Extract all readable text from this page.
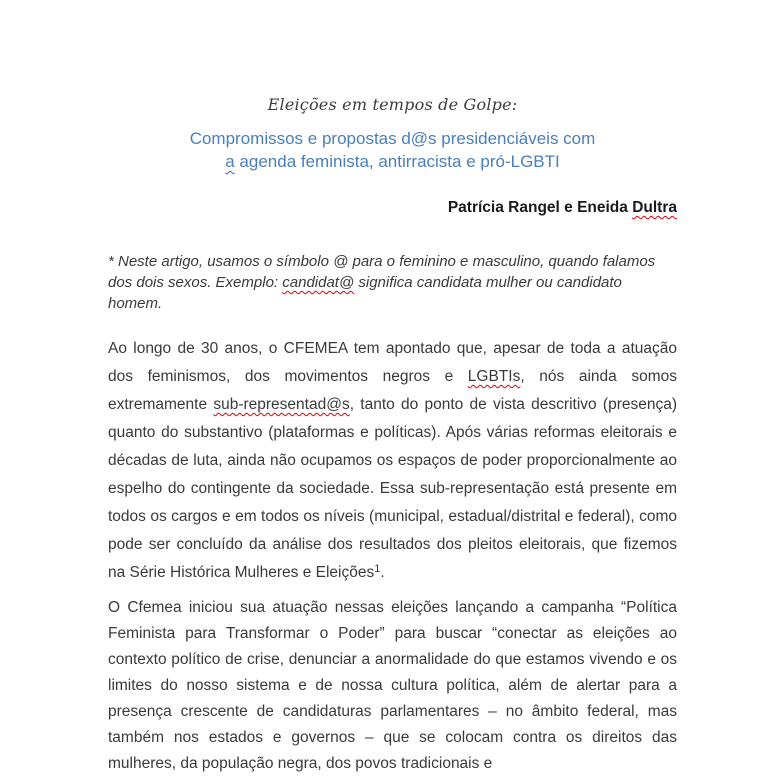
Eleições em tempos de Golpe:
Compromissos e propostas d@s presidenciáveis com
a agenda feminista, antirracista e pró-LGBTI
Patrícia Rangel e Eneida Dultra

* Neste artigo, usamos o símbolo @ para o feminino e masculino, quando falamos dos dois sexos. Exemplo: candidat@ significa candidata mulher ou candidato homem.

Ao longo de 30 anos, o CFEMEA tem apontado que, apesar de toda a atuação dos feminismos, dos movimentos negros e LGBTIs, nós ainda somos extremamente sub-representad@s, tanto do ponto de vista descritivo (presença) quanto do substantivo (plataformas e políticas). Após várias reformas eleitorais e décadas de luta, ainda não ocupamos os espaços de poder proporcionalmente ao espelho do contingente da sociedade. Essa sub-representação está presente em todos os cargos e em todos os níveis (municipal, estadual/distrital e federal), como pode ser concluído da análise dos resultados dos pleitos eleitorais, que fizemos na Série Histórica Mulheres e Eleições$^1$.

O Cfemea iniciou sua atuação nessas eleições lançando a campanha “Política Feminista para Transformar o Poder” para buscar “conectar as eleições ao contexto político de crise, denunciar a anormalidade do que estamos vivendo e os limites do nosso sistema e de nossa cultura política, além de alertar para a presença crescente de candidaturas parlamentares – no âmbito federal, mas também nos estados e governos – que se colocam contra os direitos das mulheres, da população negra, dos povos tradicionais e
